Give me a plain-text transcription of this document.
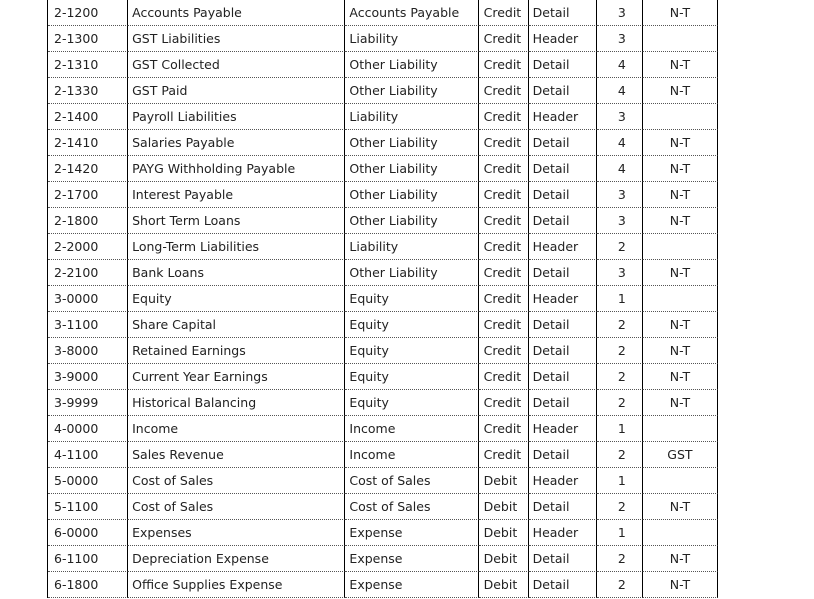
2-1200	Accounts Payable	Accounts Payable	Credit	Detail	3	N-T
2-1300	GST Liabilities	Liability	Credit	Header	3	
2-1310	GST Collected	Other Liability	Credit	Detail	4	N-T
2-1330	GST Paid	Other Liability	Credit	Detail	4	N-T
2-1400	Payroll Liabilities	Liability	Credit	Header	3	
2-1410	Salaries Payable	Other Liability	Credit	Detail	4	N-T
2-1420	PAYG Withholding Payable	Other Liability	Credit	Detail	4	N-T
2-1700	Interest Payable	Other Liability	Credit	Detail	3	N-T
2-1800	Short Term Loans	Other Liability	Credit	Detail	3	N-T
2-2000	Long-Term Liabilities	Liability	Credit	Header	2	
2-2100	Bank Loans	Other Liability	Credit	Detail	3	N-T
3-0000	Equity	Equity	Credit	Header	1	
3-1100	Share Capital	Equity	Credit	Detail	2	N-T
3-8000	Retained Earnings	Equity	Credit	Detail	2	N-T
3-9000	Current Year Earnings	Equity	Credit	Detail	2	N-T
3-9999	Historical Balancing	Equity	Credit	Detail	2	N-T
4-0000	Income	Income	Credit	Header	1	
4-1100	Sales Revenue	Income	Credit	Detail	2	GST
5-0000	Cost of Sales	Cost of Sales	Debit	Header	1	
5-1100	Cost of Sales	Cost of Sales	Debit	Detail	2	N-T
6-0000	Expenses	Expense	Debit	Header	1	
6-1100	Depreciation Expense	Expense	Debit	Detail	2	N-T
6-1800	Office Supplies Expense	Expense	Debit	Detail	2	N-T
